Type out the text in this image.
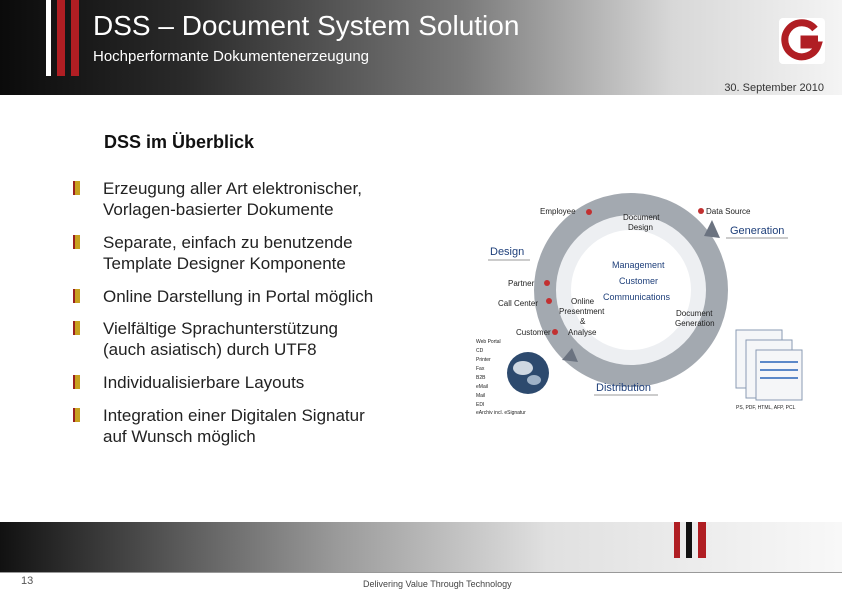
DSS – Document System Solution
Hochperformante Dokumentenerzeugung
30. September 2010
DSS im Überblick
Erzeugung aller Art elektronischer,
Vorlagen-basierter Dokumente
Separate, einfach zu benutzende
Template Designer Komponente
Online Darstellung in Portal möglich
Vielfältige Sprachunterstützung
(auch asiatisch) durch UTF8
Individualisierbare Layouts
Integration einer Digitalen Signatur
auf Wunsch möglich
Design
Generation
Distribution
Employee	Data Source
Document
Design
Partner
Call Center
Customer
Online
Presentment
&
Analyse
Document
Generation
Management
Customer
Communications
Web Portal
CD
Printer
Fax
B2B
eMail
Mail
EDI
eArchiv incl. eSignatur
PS, PDF, HTML, AFP, PCL
13	Delivering Value Through Technology
